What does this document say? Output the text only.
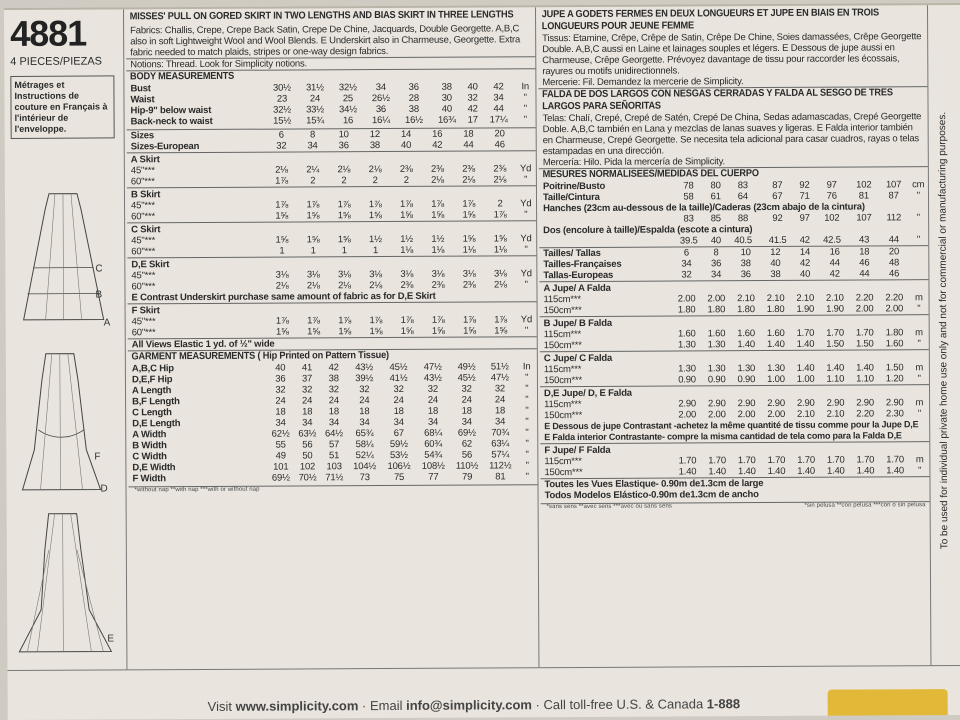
4881
4 PIECES/PIEZAS
Métrages et Instructions de couture en Français à l'intérieur de l'enveloppe.
C
B
A
F
D
E
MISSES' PULL ON GORED SKIRT IN TWO LENGTHS AND BIAS SKIRT IN THREE LENGTHS
Fabrics: Challis, Crepe, Crepe Back Satin, Crepe De Chine, Jacquards, Double Georgette. A,B,C also in soft Lightweight Wool and Wool Blends. E Underskirt also in Charmeuse, Georgette. Extra fabric needed to match plaids, stripes or one-way design fabrics.
Notions: Thread. Look for Simplicity notions.
BODY MEASUREMENTS
Bust	30½	31½	32½	34	36	38	40	42	In
Waist	23	24	25	26½	28	30	32	34	"
Hip-9" below waist	32½	33½	34½	36	38	40	42	44	"
Back-neck to waist	15½	15¾	16	16¼	16½	16¾	17	17¼	"
Sizes	6	8	10	12	14	16	18	20	
Sizes-European	32	34	36	38	40	42	44	46	
A Skirt
45"***	2⅛	2¼	2⅛	2⅛	2⅜	2⅜	2⅜	2⅜	Yd
60"***	1⅞	2	2	2	2	2⅛	2⅛	2⅛	"
B Skirt
45"***	1⅞	1⅞	1⅞	1⅞	1⅞	1⅞	1⅞	2	Yd
60"***	1⅝	1⅝	1⅝	1⅝	1⅝	1⅝	1⅝	1⅞	"
C Skirt
45"***	1⅝	1⅝	1⅝	1½	1½	1½	1⅝	1⅝	Yd
60"***	1	1	1	1	1⅛	1⅛	1⅛	1⅛	"
D,E Skirt
45"***	3⅛	3⅛	3⅛	3⅛	3⅛	3⅛	3⅛	3⅛	Yd
60"***	2⅛	2⅛	2⅛	2⅛	2⅜	2⅜	2⅜	2⅛	"
E Contrast Underskirt purchase same amount of fabric as for D,E Skirt
F Skirt
45"***	1⅞	1⅞	1⅞	1⅞	1⅞	1⅞	1⅞	1⅞	Yd
60"***	1⅝	1⅝	1⅝	1⅝	1⅝	1⅝	1⅝	1⅝	"
All Views Elastic 1 yd. of ½" wide
GARMENT MEASUREMENTS ( Hip Printed on Pattern Tissue)
A,B,C Hip	40	41	42	43½	45½	47½	49½	51½	In
D,E,F Hip	36	37	38	39½	41½	43½	45½	47½	"
A Length	32	32	32	32	32	32	32	32	"
B,F Length	24	24	24	24	24	24	24	24	"
C Length	18	18	18	18	18	18	18	18	"
D,E Length	34	34	34	34	34	34	34	34	"
A Width	62½	63½	64½	65¾	67	68¼	69½	70¾	"
B Width	55	56	57	58¼	59½	60¾	62	63¼	"
C Width	49	50	51	52¼	53½	54¾	56	57¼	"
D,E Width	101	102	103	104½	106½	108½	110½	112½	"
F Width	69½	70½	71½	73	75	77	79	81	"
*without nap **with nap ***with or without nap
JUPE A GODETS FERMES EN DEUX LONGUEURS ET JUPE EN BIAIS EN TROIS LONGUEURS POUR JEUNE FEMME
Tissus: Etamine, Crêpe, Crêpe de Satin, Crêpe De Chine, Soies damassées, Crêpe Georgette Double. A,B,C aussi en Laine et lainages souples et légers. E Dessous de jupe aussi en Charmeuse, Crêpe Georgette. Prévoyez davantage de tissu pour raccorder les écossais, rayures ou motifs unidirectionnels.
Mercerie: Fil. Demandez la mercerie de Simplicity.
FALDA DE DOS LARGOS CON NESGAS CERRADAS Y FALDA AL SESGO DE TRES LARGOS PARA SEÑORITAS
Telas: Chalí, Crepé, Crepé de Satén, Crepé De China, Sedas adamascadas, Crepé Georgette Doble. A,B,C también en Lana y mezclas de lanas suaves y ligeras. E Falda interior también en Charmeuse, Crepé Georgette. Se necesita tela adicional para casar cuadros, rayas o telas estampadas en una dirección.
Mercería: Hilo. Pida la mercería de Simplicity.
MESURES NORMALISEES/MEDIDAS DEL CUERPO
Poitrine/Busto	78	80	83	87	92	97	102	107	cm
Taille/Cintura	58	61	64	67	71	76	81	87	"
Hanches (23cm au-dessous de la taille)/Caderas (23cm abajo de la cintura)									
	83	85	88	92	97	102	107	112	"
Dos (encolure à taille)/Espalda (escote a cintura)									
	39.5	40	40.5	41.5	42	42.5	43	44	"
Tailles/ Tallas	6	8	10	12	14	16	18	20	
Tailles-Françaises	34	36	38	40	42	44	46	48	
Tallas-Europeas	32	34	36	38	40	42	44	46	
A Jupe/ A Falda
115cm***	2.00	2.00	2.10	2.10	2.10	2.10	2.20	2.20	m
150cm***	1.80	1.80	1.80	1.80	1.90	1.90	2.00	2.00	"
B Jupe/ B Falda
115cm***	1.60	1.60	1.60	1.60	1.70	1.70	1.70	1.80	m
150cm***	1.30	1.30	1.40	1.40	1.40	1.50	1.50	1.60	"
C Jupe/ C Falda
115cm***	1.30	1.30	1.30	1.30	1.40	1.40	1.40	1.50	m
150cm***	0.90	0.90	0.90	1.00	1.00	1.10	1.10	1.20	"
D,E Jupe/ D, E Falda
115cm***	2.90	2.90	2.90	2.90	2.90	2.90	2.90	2.90	m
150cm***	2.00	2.00	2.00	2.00	2.10	2.10	2.20	2.30	"
E Dessous de jupe Contrastant -achetez la même quantité de tissu comme pour la Jupe D,E
E Falda interior Contrastante- compre la misma cantidad de tela como para la Falda D,E
F Jupe/ F Falda
115cm***	1.70	1.70	1.70	1.70	1.70	1.70	1.70	1.70	m
150cm***	1.40	1.40	1.40	1.40	1.40	1.40	1.40	1.40	"
Toutes les Vues Elastique- 0.90m de1.3cm de large
Todos Modelos Elástico-0.90m de1.3cm de ancho
*sans sens **avec sens ***avec ou sans sens	*sin pelusa **con pelusa ***con o sin pelusa	To be used for individual private home use only and not for commercial or manufacturing purposes.
Visit www.simplicity.com · Email info@simplicity.com · Call toll-free U.S. & Canada 1-888
